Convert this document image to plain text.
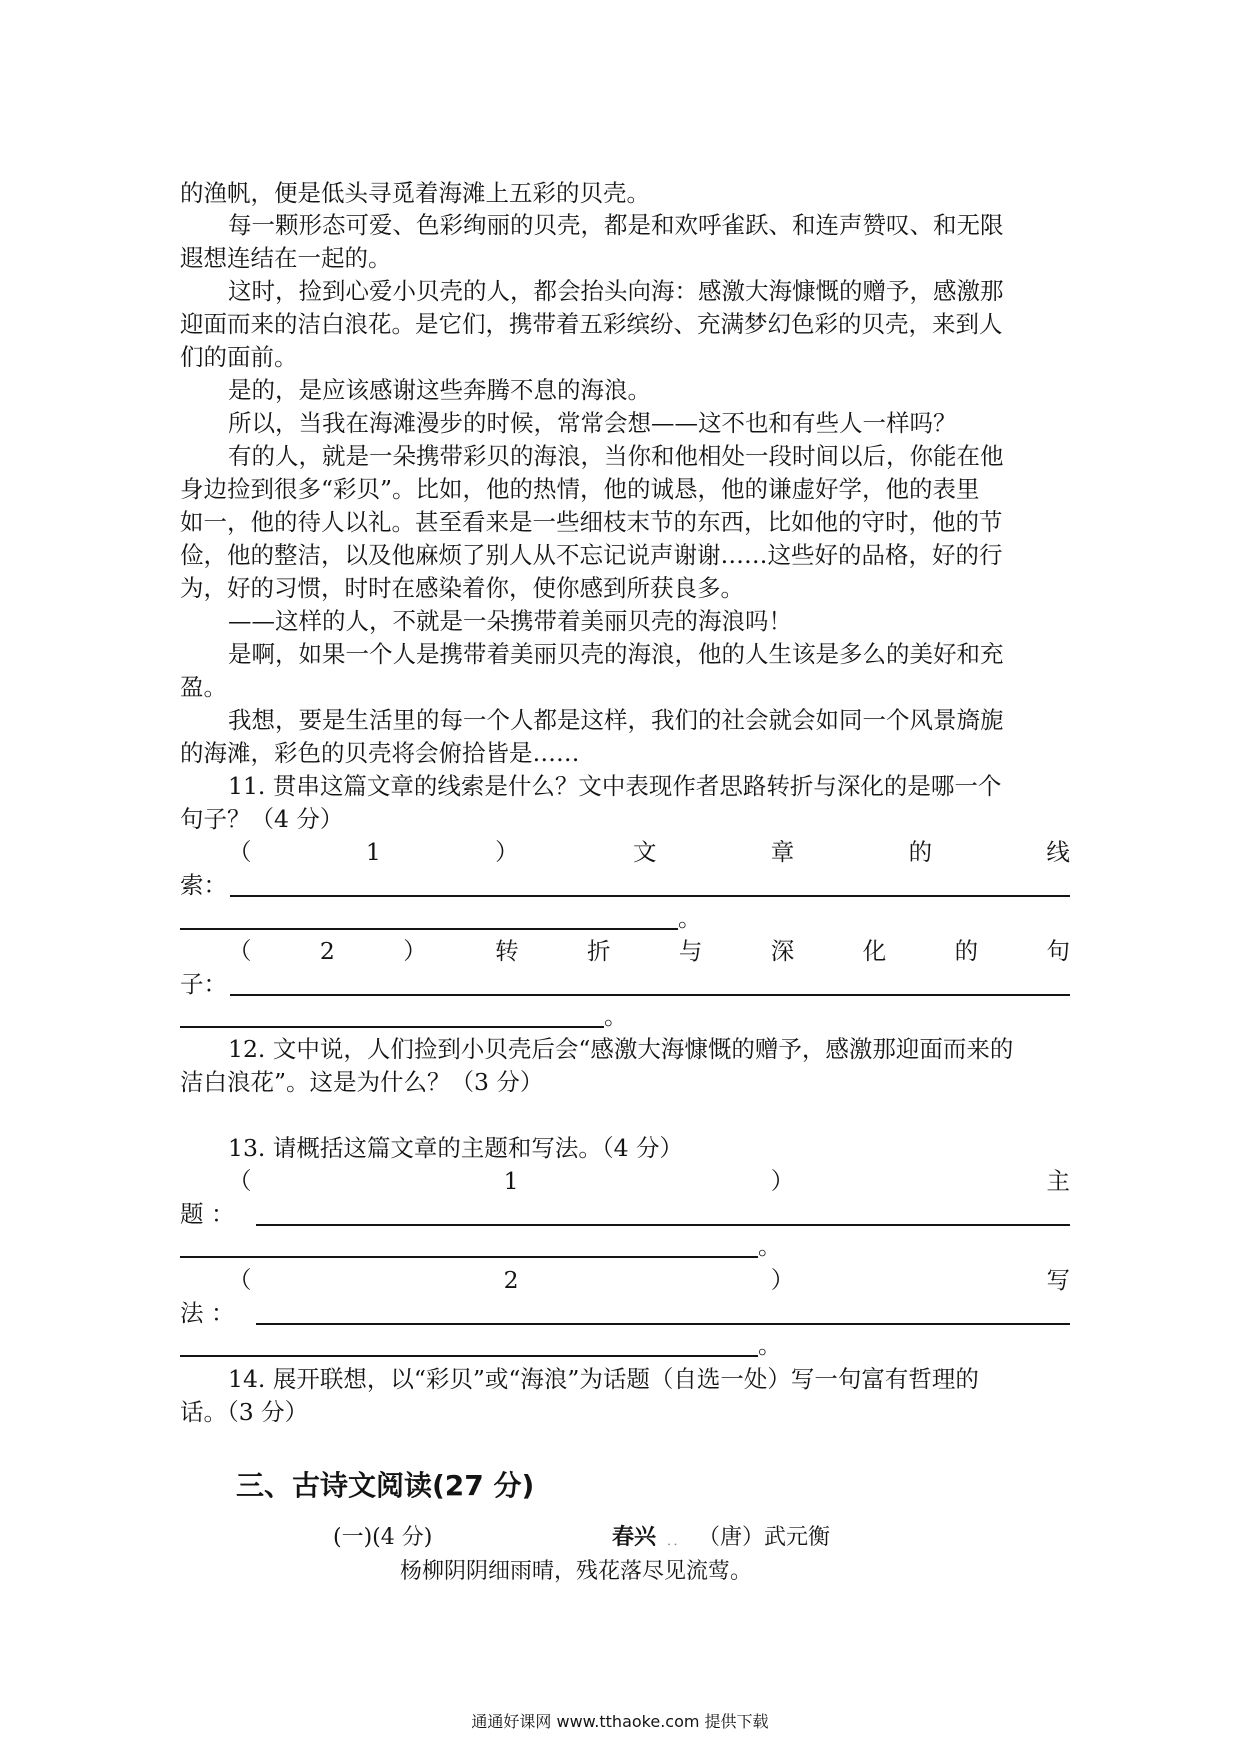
的渔帆，便是低头寻觅着海滩上五彩的贝壳。
每一颗形态可爱、色彩绚丽的贝壳，都是和欢呼雀跃、和连声赞叹、和无限
遐想连结在一起的。
这时，捡到心爱小贝壳的人，都会抬头向海：感激大海慷慨的赠予，感激那
迎面而来的洁白浪花。是它们，携带着五彩缤纷、充满梦幻色彩的贝壳，来到人
们的面前。
是的，是应该感谢这些奔腾不息的海浪。
所以，当我在海滩漫步的时候，常常会想——这不也和有些人一样吗？
有的人，就是一朵携带彩贝的海浪，当你和他相处一段时间以后，你能在他
身边捡到很多“彩贝”。比如，他的热情，他的诚恳，他的谦虚好学，他的表里
如一，他的待人以礼。甚至看来是一些细枝末节的东西，比如他的守时，他的节
俭，他的整洁，以及他麻烦了别人从不忘记说声谢谢……这些好的品格，好的行
为，好的习惯，时时在感染着你，使你感到所获良多。
——这样的人，不就是一朵携带着美丽贝壳的海浪吗！
是啊，如果一个人是携带着美丽贝壳的海浪，他的人生该是多么的美好和充
盈。
我想，要是生活里的每一个人都是这样，我们的社会就会如同一个风景旖旎
的海滩，彩色的贝壳将会俯拾皆是……
11. 贯串这篇文章的线索是什么？文中表现作者思路转折与深化的是哪一个
句子？（4 分）
（	1	）	文	章	的	线
索：
。
（	2	）	转	折	与	深	化	的	句
子：
。
12. 文中说，人们捡到小贝壳后会“感激大海慷慨的赠予，感激那迎面而来的
洁白浪花”。这是为什么？（3 分）
13. 请概括这篇文章的主题和写法。（4 分）
（	1	）	主
题 ：
。
（	2	）	写
法 ：
。
14. 展开联想，以“彩贝”或“海浪”为话题（自选一处）写一句富有哲理的
话。（3 分）
三、古诗文阅读(27 分)
(一)(4 分)	春兴 ．． （唐）武元衡
杨柳阴阴细雨晴，残花落尽见流莺。
通通好课网 www.tthaoke.com 提供下载
